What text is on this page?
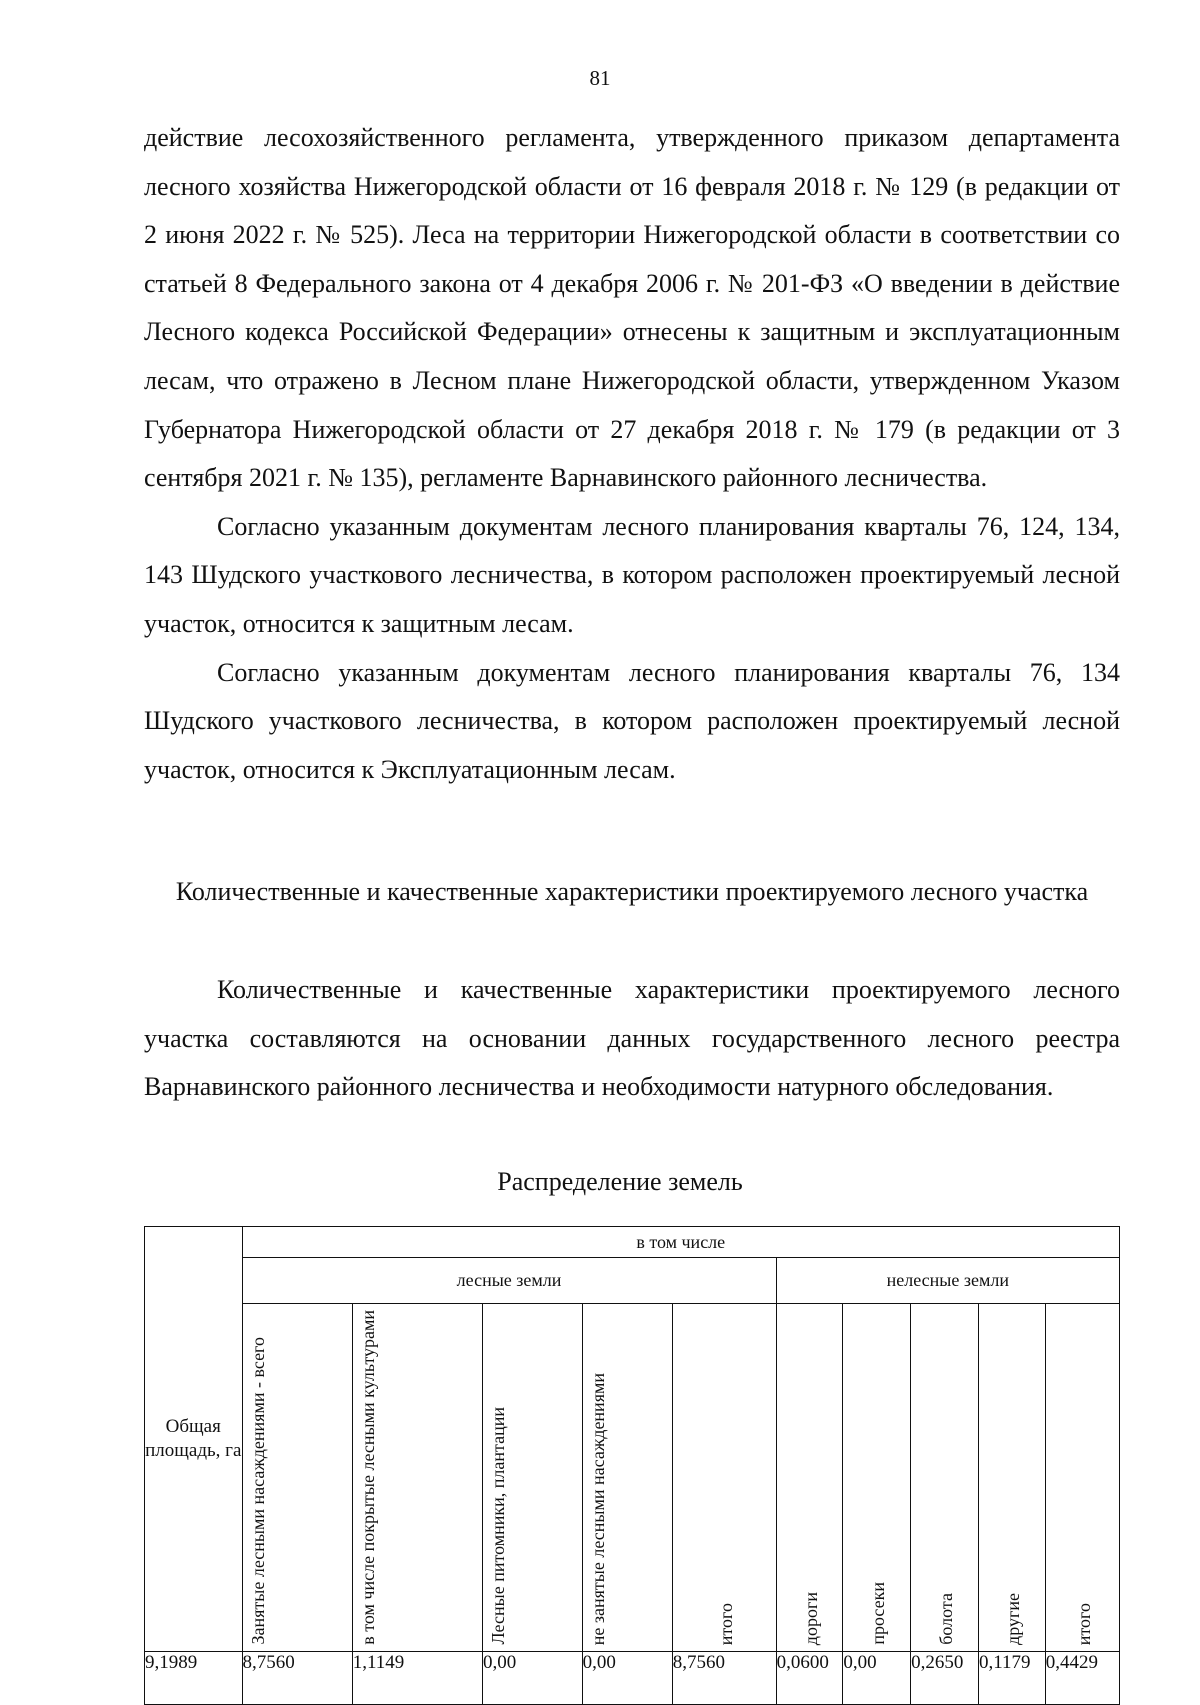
81

действие лесохозяйственного регламента, утвержденного приказом департамента лесного хозяйства Нижегородской области от 16 февраля 2018 г. № 129 (в редакции от 2 июня 2022 г. № 525). Леса на территории Нижегородской области в соответствии со статьей 8 Федерального закона от 4 декабря 2006 г. № 201-ФЗ «О введении в действие Лесного кодекса Российской Федерации» отнесены к защитным и эксплуатационным лесам, что отражено в Лесном плане Нижегородской области, утвержденном Указом Губернатора Нижегородской области от 27 декабря 2018 г. № 179 (в редакции от 3 сентября 2021 г. № 135), регламенте Варнавинского районного лесничества.

Согласно указанным документам лесного планирования кварталы 76, 124, 134, 143 Шудского участкового лесничества, в котором расположен проектируемый лесной участок, относится к защитным лесам.

Согласно указанным документам лесного планирования кварталы 76, 134 Шудского участкового лесничества, в котором расположен проектируемый лесной участок, относится к Эксплуатационным лесам.

Количественные и качественные характеристики проектируемого лесного участка

Количественные и качественные характеристики проектируемого лесного участка составляются на основании данных государственного лесного реестра Варнавинского районного лесничества и необходимости натурного обследования.

Распределение земель
Общая площадь, га	в том числе									
	лесные земли					нелесные земли				

	Занятые лесными насаждениями - всего	в том числе покрытые лесными культурами	Лесные питомники, плантации	не занятые лесными насаждениями	итого	дороги	просеки	болота	другие	итого

9,1989	8,7560	1,1149	0,00	0,00	8,7560	0,0600	0,00	0,2650	0,1179	0,4429
